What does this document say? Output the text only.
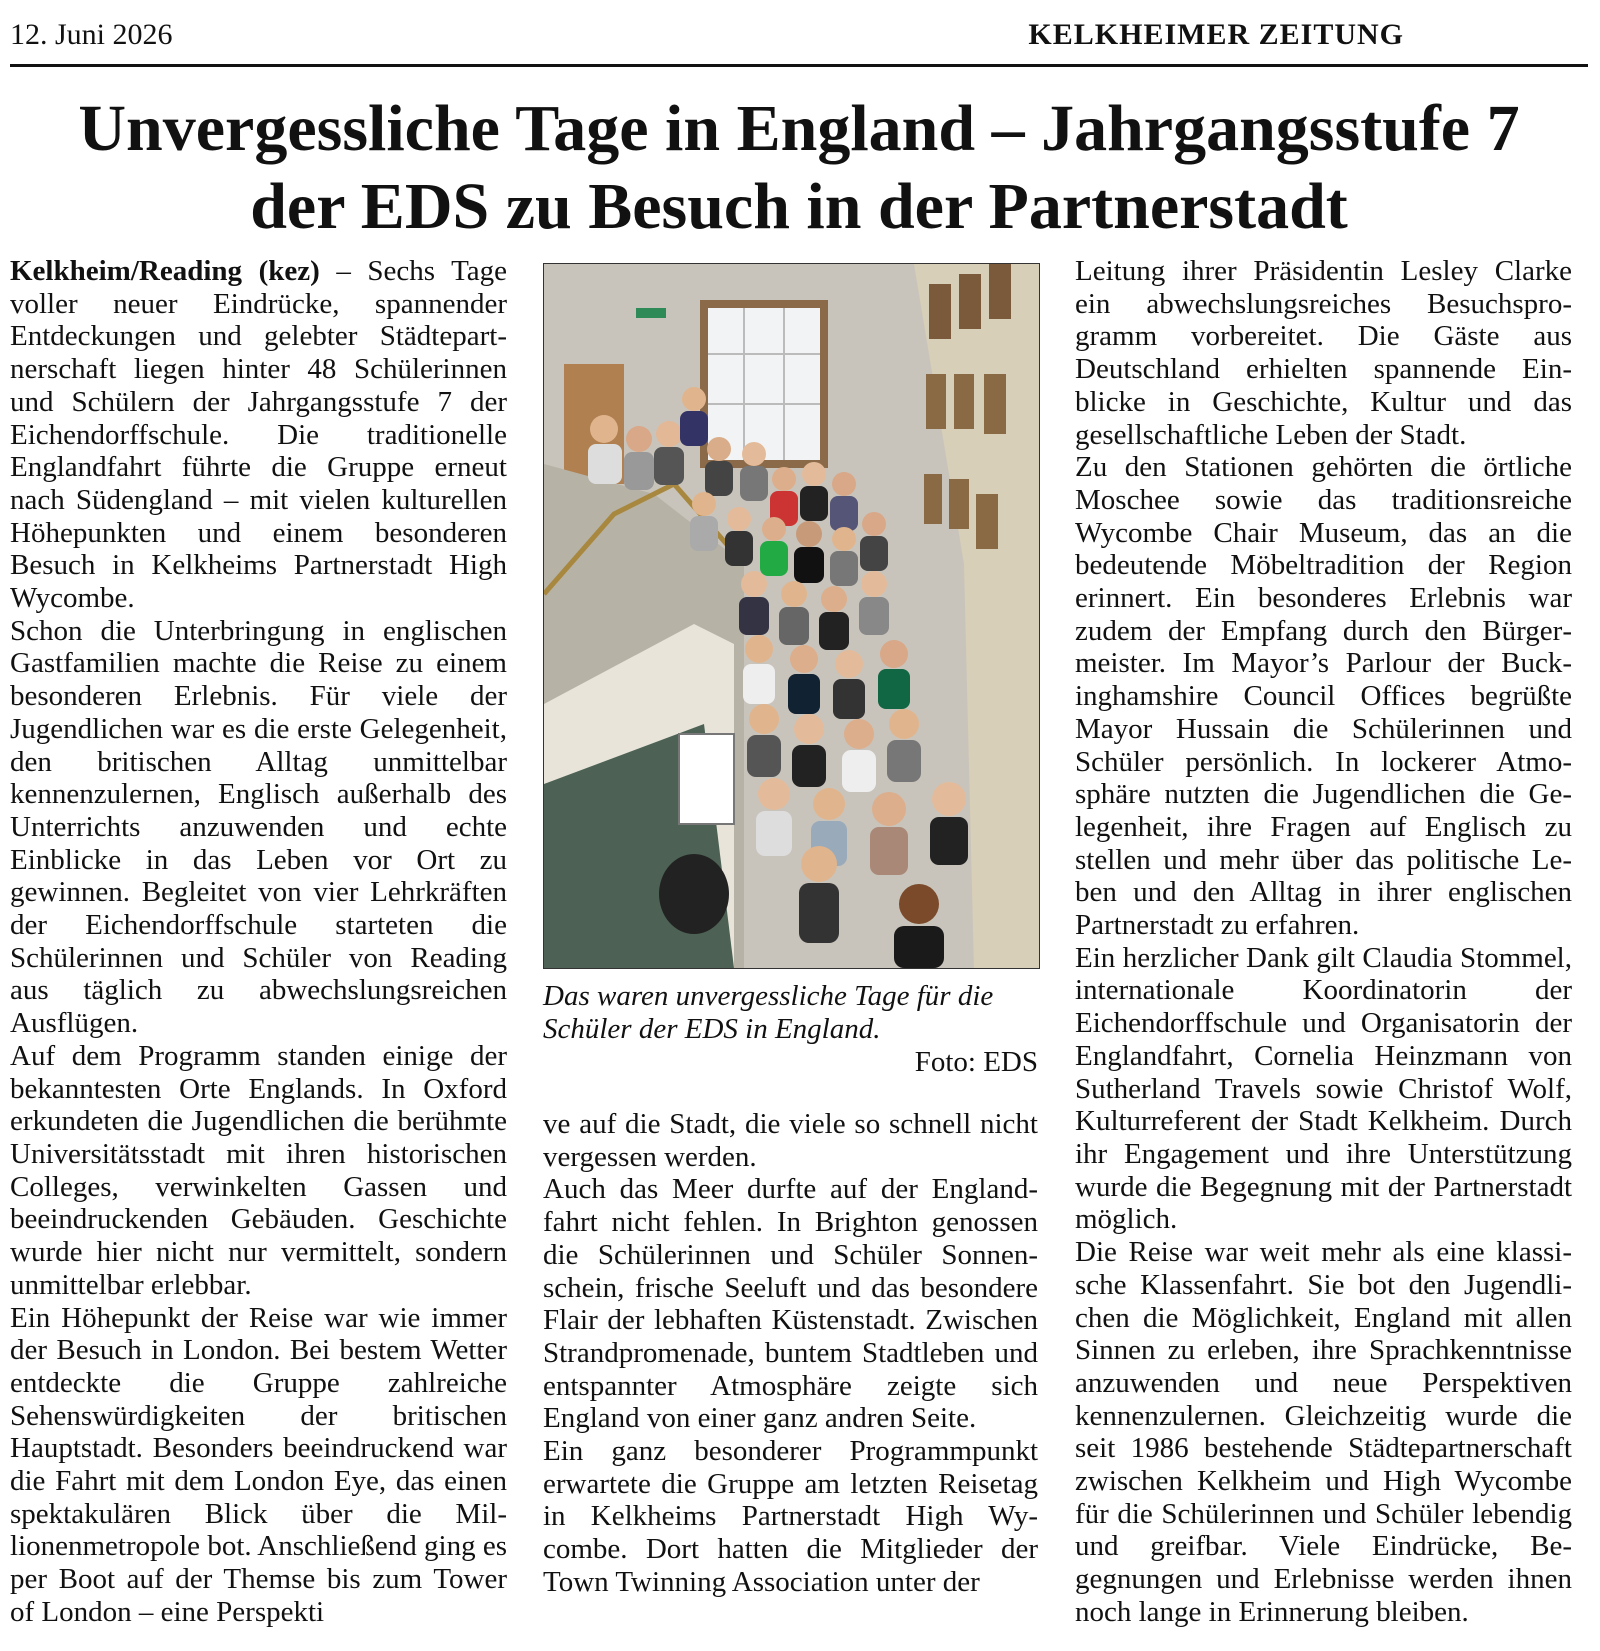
12. Juni 2026	KELKHEIMER ZEITUNG
Unvergessliche Tage in England – Jahrgangsstufe 7
der EDS zu Besuch in der Partnerstadt

Kelkheim/Reading (kez) – Sechs Tage voller neuer Eindrücke, spannender Entdeckungen und gelebter Städtepartnerschaft liegen hinter 48 Schülerinnen und Schülern der Jahrgangsstufe 7 der Eichendorffschule. Die traditionelle Englandfahrt führte die Gruppe erneut nach Südengland – mit vielen kulturellen Höhepunkten und einem besonderen Besuch in Kelkheims Partnerstadt High Wycombe.

Schon die Unterbringung in englischen Gastfamilien machte die Reise zu einem besonderen Erlebnis. Für viele der Jugendlichen war es die erste Gelegenheit, den britischen Alltag unmittelbar kennenzulernen, Englisch außerhalb des Unterrichts anzuwenden und echte Einblicke in das Leben vor Ort zu gewinnen. Begleitet von vier Lehrkräften der Eichendorffschule starteten die Schülerinnen und Schüler von Reading aus täglich zu abwechslungsreichen Ausflügen.

Auf dem Programm standen einige der bekanntesten Orte Englands. In Oxford erkundeten die Jugendlichen die berühmte Universitätsstadt mit ihren historischen Colleges, verwinkelten Gassen und beeindruckenden Gebäuden. Geschichte wurde hier nicht nur vermittelt, sondern unmittelbar erlebbar.

Ein Höhepunkt der Reise war wie immer der Besuch in London. Bei bestem Wetter entdeckte die Gruppe zahlreiche Sehenswürdigkeiten der britischen Hauptstadt. Besonders beeindruckend war die Fahrt mit dem London Eye, das einen spektakulären Blick über die Millionenmetropole bot. Anschließend ging es per Boot auf der Themse bis zum Tower of London – eine Perspekti

Das waren unvergessliche Tage für die Schüler der EDS in England.

Foto: EDS

ve auf die Stadt, die viele so schnell nicht vergessen werden.

Auch das Meer durfte auf der Englandfahrt nicht fehlen. In Brighton genossen die Schülerinnen und Schüler Sonnenschein, frische Seeluft und das besondere Flair der lebhaften Küstenstadt. Zwischen Strandpromenade, buntem Stadtleben und entspannter Atmosphäre zeigte sich England von einer ganz andren Seite.

Ein ganz besonderer Programmpunkt erwartete die Gruppe am letzten Reisetag in Kelkheims Partnerstadt High Wycombe. Dort hatten die Mitglieder der Town Twinning Association unter der

Leitung ihrer Präsidentin Lesley Clarke ein abwechslungsreiches Besuchsprogramm vorbereitet. Die Gäste aus Deutschland erhielten spannende Einblicke in Geschichte, Kultur und das gesellschaftliche Leben der Stadt.

Zu den Stationen gehörten die örtliche Moschee sowie das traditionsreiche Wycombe Chair Museum, das an die bedeutende Möbeltradition der Region erinnert. Ein besonderes Erlebnis war zudem der Empfang durch den Bürgermeister. Im Mayor’s Parlour der Buckinghamshire Council Offices begrüßte Mayor Hussain die Schülerinnen und Schüler persönlich. In lockerer Atmosphäre nutzten die Jugendlichen die Gelegenheit, ihre Fragen auf Englisch zu stellen und mehr über das politische Leben und den Alltag in ihrer englischen Partnerstadt zu erfahren.

Ein herzlicher Dank gilt Claudia Stommel, internationale Koordinatorin der Eichendorffschule und Organisatorin der Englandfahrt, Cornelia Heinzmann von Sutherland Travels sowie Christof Wolf, Kulturreferent der Stadt Kelkheim. Durch ihr Engagement und ihre Unterstützung wurde die Begegnung mit der Partnerstadt möglich.

Die Reise war weit mehr als eine klassische Klassenfahrt. Sie bot den Jugendlichen die Möglichkeit, England mit allen Sinnen zu erleben, ihre Sprachkenntnisse anzuwenden und neue Perspektiven kennenzulernen. Gleichzeitig wurde die seit 1986 bestehende Städtepartnerschaft zwischen Kelkheim und High Wycombe für die Schülerinnen und Schüler lebendig und greifbar. Viele Eindrücke, Begegnungen und Erlebnisse werden ihnen noch lange in Erinnerung bleiben.
